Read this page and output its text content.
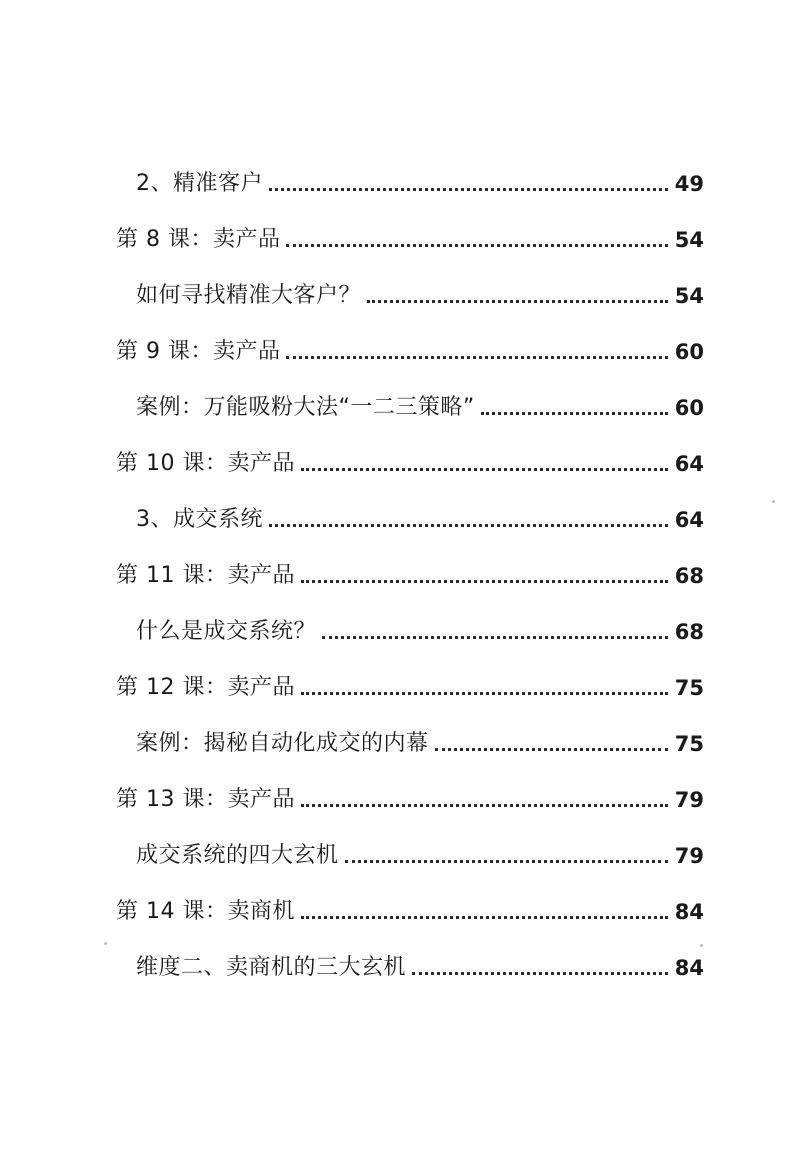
2、精准客户	49
第 8 课：卖产品	54
如何寻找精准大客户？	54
第 9 课：卖产品	60
案例：万能吸粉大法“一二三策略”	60
第 10 课：卖产品	64
3、成交系统	64
第 11 课：卖产品	68
什么是成交系统？	68
第 12 课：卖产品	75
案例：揭秘自动化成交的内幕	75
第 13 课：卖产品	79
成交系统的四大玄机	79
第 14 课：卖商机	84
维度二、卖商机的三大玄机	84
